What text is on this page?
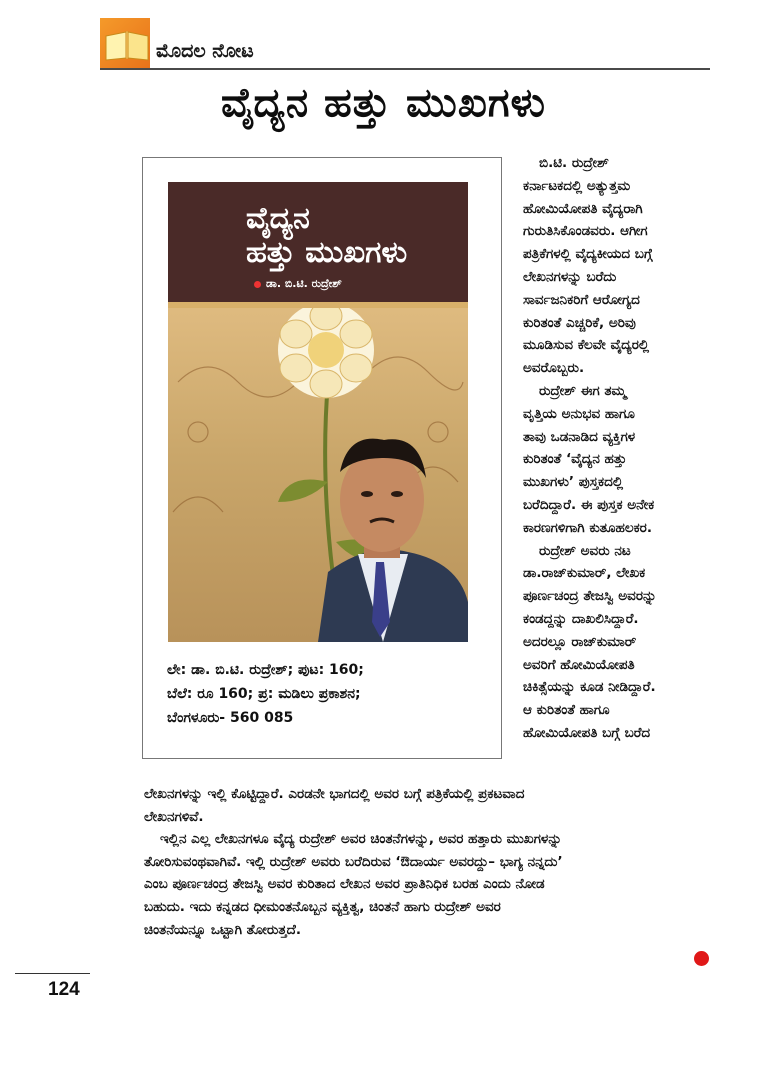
ಮೊದಲ ನೋಟ
ವೈದ್ಯನ ಹತ್ತು ಮುಖಗಳು
ವೈದ್ಯನ
ಹತ್ತು ಮುಖಗಳು
ಡಾ. ಬಿ.ಟಿ. ರುದ್ರೇಶ್
ಲೇ: ಡಾ. ಬಿ.ಟಿ. ರುದ್ರೇಶ್; ಪುಟ: 160;
ಬೆಲೆ: ರೂ 160; ಪ್ರ: ಮಡಿಲು ಪ್ರಕಾಶನ;
ಬೆಂಗಳೂರು- 560 085
ಬಿ.ಟಿ. ರುದ್ರೇಶ್
ಕರ್ನಾಟಕದಲ್ಲಿ ಅತ್ಯುತ್ತಮ
ಹೋಮಿಯೋಪತಿ ವೈದ್ಯರಾಗಿ
ಗುರುತಿಸಿಕೊಂಡವರು. ಆಗೀಗ
ಪತ್ರಿಕೆಗಳಲ್ಲಿ ವೈದ್ಯಕೀಯದ ಬಗ್ಗೆ
ಲೇಖನಗಳನ್ನು ಬರೆದು
ಸಾರ್ವಜನಿಕರಿಗೆ ಆರೋಗ್ಯದ
ಕುರಿತಂತೆ ಎಚ್ಚರಿಕೆ, ಅರಿವು
ಮೂಡಿಸುವ ಕೆಲವೇ ವೈದ್ಯರಲ್ಲಿ
ಅವರೊಬ್ಬರು.
ರುದ್ರೇಶ್ ಈಗ ತಮ್ಮ
ವೃತ್ತಿಯ ಅನುಭವ ಹಾಗೂ
ತಾವು ಒಡನಾಡಿದ ವ್ಯಕ್ತಿಗಳ
ಕುರಿತಂತೆ ‘ವೈದ್ಯನ ಹತ್ತು
ಮುಖಗಳು’ ಪುಸ್ತಕದಲ್ಲಿ
ಬರೆದಿದ್ದಾರೆ. ಈ ಪುಸ್ತಕ ಅನೇಕ
ಕಾರಣಗಳಿಗಾಗಿ ಕುತೂಹಲಕರ.
ರುದ್ರೇಶ್ ಅವರು ನಟ
ಡಾ.ರಾಜ್‌ಕುಮಾರ್, ಲೇಖಕ
ಪೂರ್ಣಚಂದ್ರ ತೇಜಸ್ವಿ ಅವರನ್ನು
ಕಂಡದ್ದನ್ನು ದಾಖಲಿಸಿದ್ದಾರೆ.
ಅದರಲ್ಲೂ ರಾಜ್‌ಕುಮಾರ್
ಅವರಿಗೆ ಹೋಮಿಯೋಪತಿ
ಚಿಕಿತ್ಸೆಯನ್ನು ಕೂಡ ನೀಡಿದ್ದಾರೆ.
ಆ ಕುರಿತಂತೆ ಹಾಗೂ
ಹೋಮಿಯೋಪತಿ ಬಗ್ಗೆ ಬರೆದ
ಲೇಖನಗಳನ್ನು ಇಲ್ಲಿ ಕೊಟ್ಟಿದ್ದಾರೆ. ಎರಡನೇ ಭಾಗದಲ್ಲಿ ಅವರ ಬಗ್ಗೆ ಪತ್ರಿಕೆಯಲ್ಲಿ ಪ್ರಕಟವಾದ
ಲೇಖನಗಳಿವೆ.
ಇಲ್ಲಿನ ಎಲ್ಲ ಲೇಖನಗಳೂ ವೈದ್ಯ ರುದ್ರೇಶ್ ಅವರ ಚಿಂತನೆಗಳನ್ನು, ಅವರ ಹತ್ತಾರು ಮುಖಗಳನ್ನು
ತೋರಿಸುವಂಥವಾಗಿವೆ. ಇಲ್ಲಿ ರುದ್ರೇಶ್ ಅವರು ಬರೆದಿರುವ ‘ಔದಾರ್ಯ ಅವರದ್ದು– ಭಾಗ್ಯ ನನ್ನದು’
ಎಂಬ ಪೂರ್ಣಚಂದ್ರ ತೇಜಸ್ವಿ ಅವರ ಕುರಿತಾದ ಲೇಖನ ಅವರ ಪ್ರಾತಿನಿಧಿಕ ಬರಹ ಎಂದು ನೋಡ
ಬಹುದು. ಇದು ಕನ್ನಡದ ಧೀಮಂತನೊಬ್ಬನ ವ್ಯಕ್ತಿತ್ವ, ಚಿಂತನೆ ಹಾಗು ರುದ್ರೇಶ್ ಅವರ
ಚಿಂತನೆಯನ್ನೂ ಒಟ್ಟಾಗಿ ತೋರುತ್ತದೆ.
124
